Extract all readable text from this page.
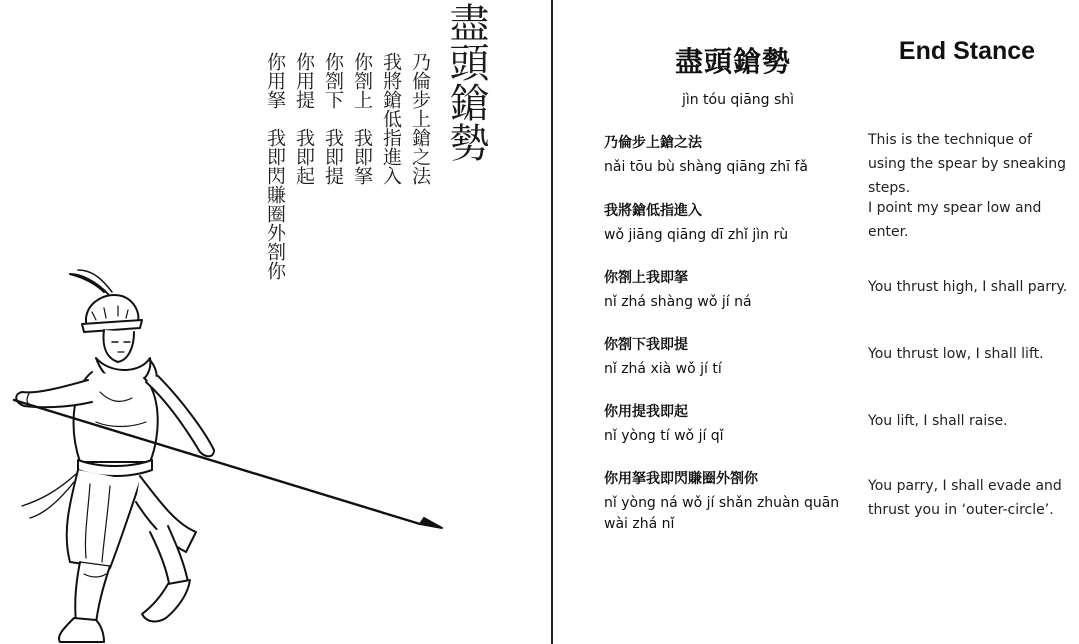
盡頭鎗勢
乃倫步上鎗之法
我將鎗低指進入
你劄上　我即拏
你劄下　我即提
你用提　我即起
你用拏　我即閃賺圈外劄你	盡頭鎗勢	End Stance
jìn tóu qiāng shì
乃倫步上鎗之法
nǎi tōu bù shàng qiāng zhī fǎ
This is the technique of using the spear by sneaking steps.
我將鎗低指進入
wǒ jiāng qiāng dī zhǐ jìn rù
I point my spear low and enter.
你劄上我即拏
nǐ zhá shàng wǒ jí ná
You thrust high, I shall parry.
你劄下我即提
nǐ zhá xià wǒ jí tí
You thrust low, I shall lift.
你用提我即起
nǐ yòng tí wǒ jí qǐ
You lift, I shall raise.
你用拏我即閃賺圈外劄你
nǐ yòng ná wǒ jí shǎn zhuàn quān wài zhá nǐ
You parry, I shall evade and thrust you in ‘outer-circle’.
